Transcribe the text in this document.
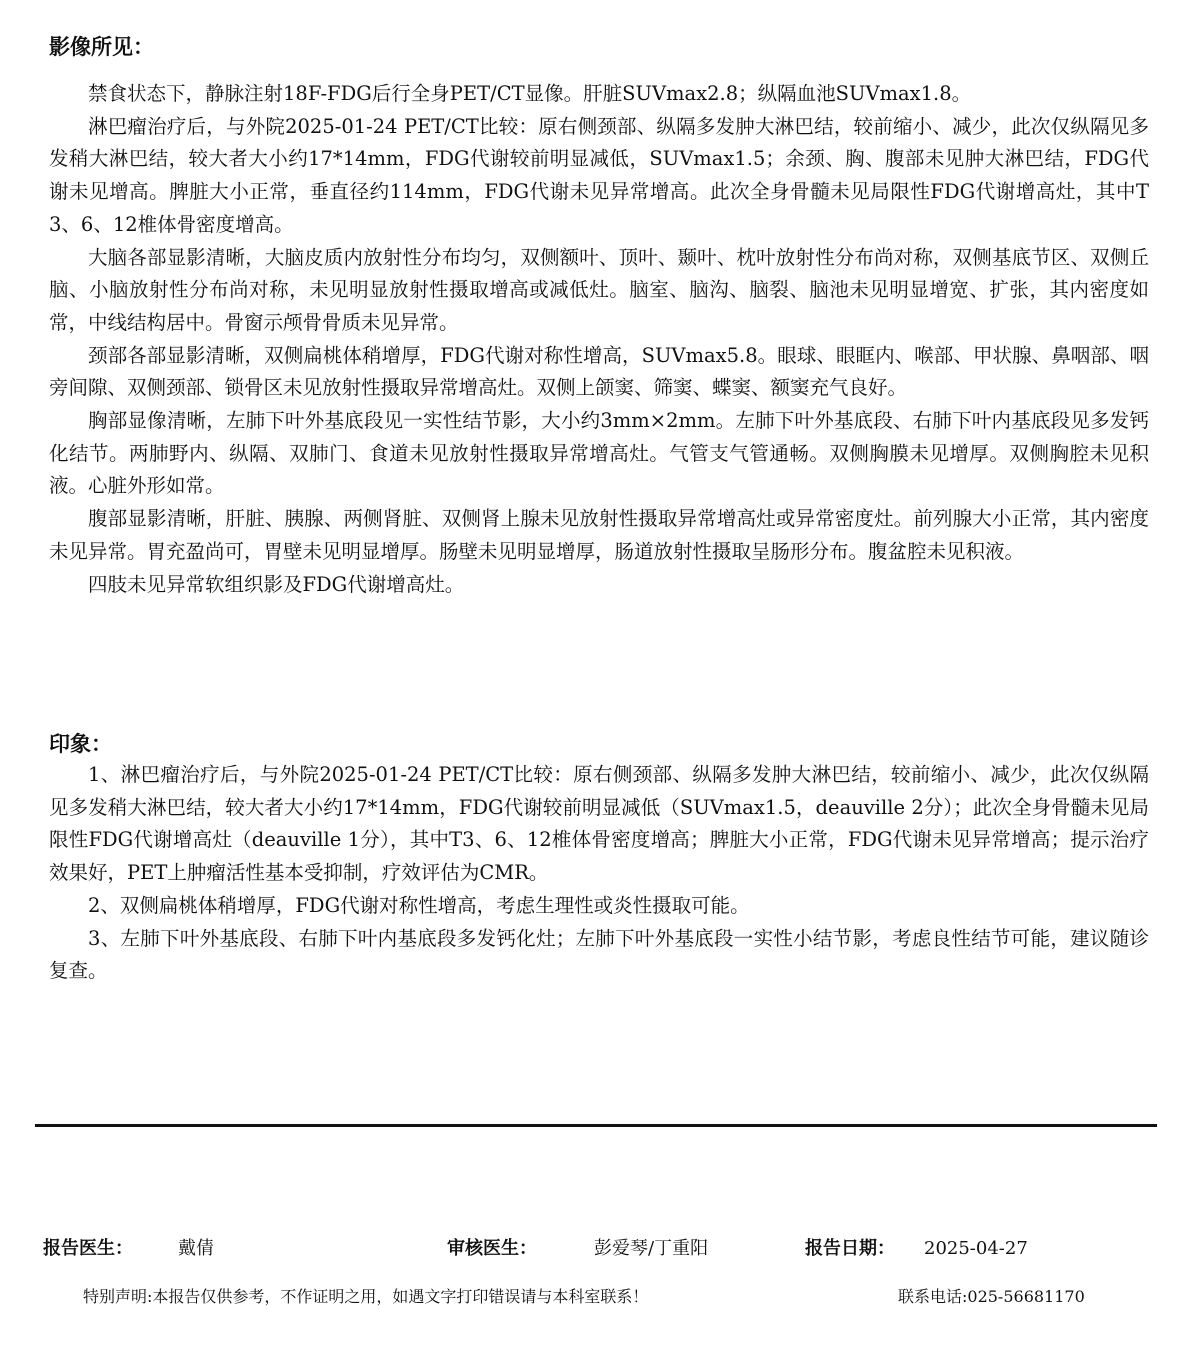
影像所见：

禁食状态下，静脉注射18F-FDG后行全身PET/CT显像。肝脏SUVmax2.8；纵隔血池SUVmax1.8。

淋巴瘤治疗后，与外院2025-01-24 PET/CT比较：原右侧颈部、纵隔多发肿大淋巴结，较前缩小、减少，此次仅纵隔见多发稍大淋巴结，较大者大小约17*14mm，FDG代谢较前明显减低，SUVmax1.5；余颈、胸、腹部未见肿大淋巴结，FDG代谢未见增高。脾脏大小正常，垂直径约114mm，FDG代谢未见异常增高。此次全身骨髓未见局限性FDG代谢增高灶，其中T3、6、12椎体骨密度增高。

大脑各部显影清晰，大脑皮质内放射性分布均匀，双侧额叶、顶叶、颞叶、枕叶放射性分布尚对称，双侧基底节区、双侧丘脑、小脑放射性分布尚对称，未见明显放射性摄取增高或减低灶。脑室、脑沟、脑裂、脑池未见明显增宽、扩张，其内密度如常，中线结构居中。骨窗示颅骨骨质未见异常。

颈部各部显影清晰，双侧扁桃体稍增厚，FDG代谢对称性增高，SUVmax5.8。眼球、眼眶内、喉部、甲状腺、鼻咽部、咽旁间隙、双侧颈部、锁骨区未见放射性摄取异常增高灶。双侧上颌窦、筛窦、蝶窦、额窦充气良好。

胸部显像清晰，左肺下叶外基底段见一实性结节影，大小约3mm×2mm。左肺下叶外基底段、右肺下叶内基底段见多发钙化结节。两肺野内、纵隔、双肺门、食道未见放射性摄取异常增高灶。气管支气管通畅。双侧胸膜未见增厚。双侧胸腔未见积液。心脏外形如常。

腹部显影清晰，肝脏、胰腺、两侧肾脏、双侧肾上腺未见放射性摄取异常增高灶或异常密度灶。前列腺大小正常，其内密度未见异常。胃充盈尚可，胃壁未见明显增厚。肠壁未见明显增厚，肠道放射性摄取呈肠形分布。腹盆腔未见积液。

四肢未见异常软组织影及FDG代谢增高灶。

印象：

1、淋巴瘤治疗后，与外院2025-01-24 PET/CT比较：原右侧颈部、纵隔多发肿大淋巴结，较前缩小、减少，此次仅纵隔见多发稍大淋巴结，较大者大小约17*14mm，FDG代谢较前明显减低（SUVmax1.5，deauville 2分）；此次全身骨髓未见局限性FDG代谢增高灶（deauville 1分），其中T3、6、12椎体骨密度增高；脾脏大小正常，FDG代谢未见异常增高；提示治疗效果好，PET上肿瘤活性基本受抑制，疗效评估为CMR。

2、双侧扁桃体稍增厚，FDG代谢对称性增高，考虑生理性或炎性摄取可能。

3、左肺下叶外基底段、右肺下叶内基底段多发钙化灶；左肺下叶外基底段一实性小结节影，考虑良性结节可能，建议随诊复查。

报告医生：	戴倩	审核医生：	彭爱琴/丁重阳	报告日期： 2025-04-27
特别声明:本报告仅供参考，不作证明之用，如遇文字打印错误请与本科室联系！	联系电话:025-56681170
